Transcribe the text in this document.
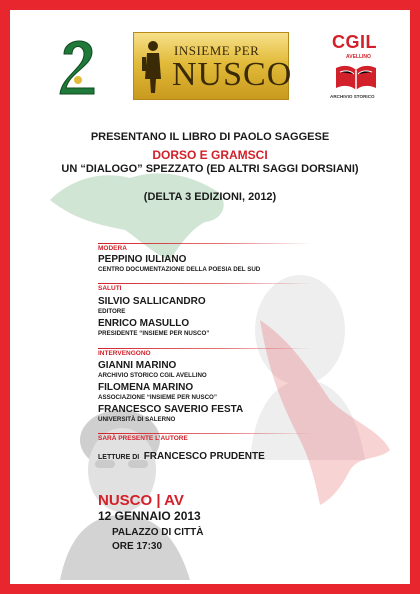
INSIEME PER
NUSCO
CGIL
AVELLINO
ARCHIVIO STORICO
PRESENTANO IL LIBRO DI PAOLO SAGGESE
DORSO E GRAMSCI
UN “DIALOGO” SPEZZATO (ED ALTRI SAGGI DORSIANI)
(DELTA 3 EDIZIONI, 2012)
MODERA
PEPPINO IULIANO
CENTRO DOCUMENTAZIONE DELLA POESIA DEL SUD
SALUTI
SILVIO SALLICANDRO
EDITORE
ENRICO MASULLO
PRESIDENTE “INSIEME PER NUSCO”
INTERVENGONO
GIANNI MARINO
ARCHIVIO STORICO CGIL AVELLINO
FILOMENA MARINO
ASSOCIAZIONE “INSIEME PER NUSCO”
FRANCESCO SAVERIO FESTA
UNIVERSITÀ DI SALERNO
SARÀ PRESENTE L’AUTORE
LETTURE DI FRANCESCO PRUDENTE
NUSCO | AV
12 GENNAIO 2013
PALAZZO DI CITTÀ
ORE 17:30
